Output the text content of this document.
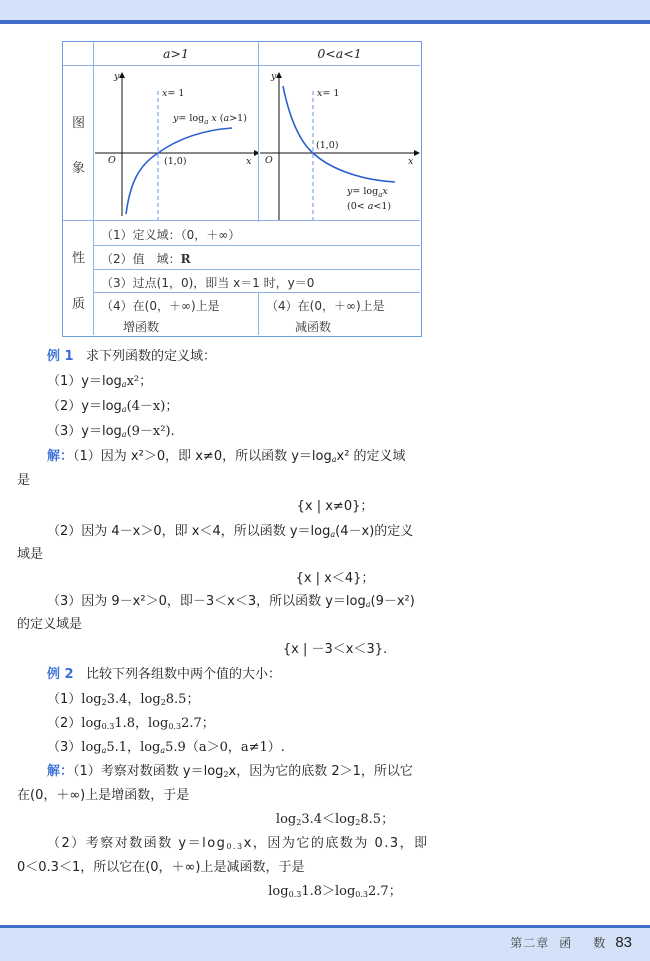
a>1	0<a<1
图
象
性
质
y
x
O
x= 1
(1,0)
$y= \log_a x$ (a>1)
y
x
O
x= 1
(1,0)
$y= \log_ax$
(0< a<1)
（1）定义域：（0，＋∞）
（2）值　域：R
（3）过点(1，0)，即当 x＝1 时，y＝0
（4）在(0，＋∞)上是
增函数
（4）在(0，＋∞)上是
减函数
例 1 求下列函数的定义域：
$(1)y=\log_ax^2$；
$(2)y=\log_a(4-x)$；
$(3)y=\log_a(9-x^2)$.
解：（1）因为 x²＞0，即 x≠0，所以函数 $y=\log_ax^2$ 的定义域
是
{x | x≠0}；
（2）因为 4－x＞0，即 x＜4，所以函数 $y=\log_a(4-x)$的定义
域是
{x | x＜4}；
（3）因为 9－x²＞0，即－3＜x＜3，所以函数 $y=\log_a(9-x^2)$
的定义域是
{x | －3＜x＜3}.
例 2 比较下列各组数中两个值的大小：
$(1)\log_23.4$，$\log_28.5$；
$(2)\log_{0.3}1.8$，$\log_{0.3}2.7$；
$(3)\log_a5.1$，$\log_a5.9(a>0$，a≠1）.
解：（1）考察对数函数 $y=\log_2x$，因为它的底数 2＞1，所以它
在(0，＋∞)上是增函数，于是
$\log_23.4<\log_28.5$；
（2）考察对数函数 $y=\log_{0.3}x$，因为它的底数为 0.3，即
0＜0.3＜1，所以它在(0，＋∞)上是减函数，于是
$\log_{0.3}1.8>\log_{0.3}2.7$；
第二章 函 数 83
